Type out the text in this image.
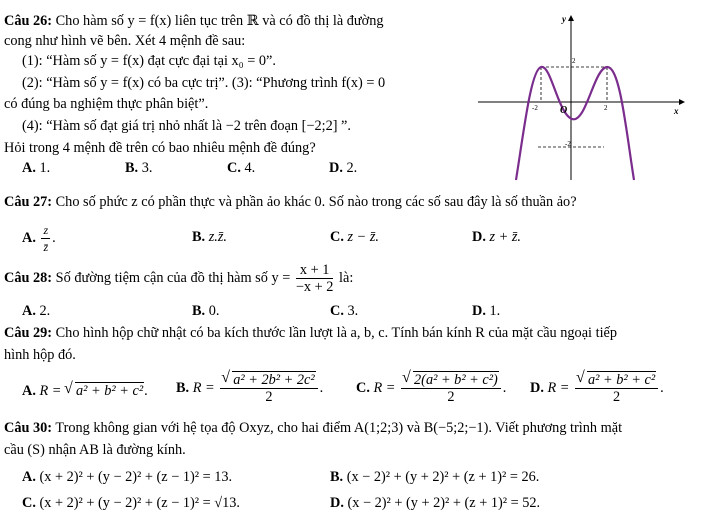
Câu 26: Cho hàm số y = f(x) liên tục trên ℝ và có đồ thị là đường
cong như hình vẽ bên. Xét 4 mệnh đề sau:
(1): “Hàm số y = f(x) đạt cực đại tại x₀ = 0”.
(2): “Hàm số y = f(x) có ba cực trị”. (3): “Phương trình f(x) = 0
có đúng ba nghiệm thực phân biệt”.
(4): “Hàm số đạt giá trị nhỏ nhất là −2 trên đoạn [−2;2] ”.
Hỏi trong 4 mệnh đề trên có bao nhiêu mệnh đề đúng?
A. 1.	B. 3.	C. 4.	D. 2.
y
x
O
-2	2
2
-2
Câu 27: Cho số phức z có phần thực và phần ảo khác 0. Số nào trong các số sau đây là số thuần ảo?
A. $\frac{z}{z̄}$ .	B. z.z̄.	C. z − z̄.	D. z + z̄.
Câu 28: Số đường tiệm cận của đồ thị hàm số $y = \frac{x + 1}{-x + 2}$ là:
A. 2.	B. 0.	C. 3.	D. 1.
Câu 29: Cho hình hộp chữ nhật có ba kích thước lần lượt là a, b, c. Tính bán kính R của mặt cầu ngoại tiếp
hình hộp đó.
A. R = √ a² + b² + c². B. R = √ $\frac{\text{a² + 2b² + 2c²}}{2}$ . C. R = √ $\frac{\text{2(a² + b² + c²)}}{2}$ . D. R = √ $\frac{\text{a² + b² + c²}}{2}$ .
Câu 30: Trong không gian với hệ tọa độ Oxyz, cho hai điểm A(1;2;3) và B(−5;2;−1). Viết phương trình mặt
cầu (S) nhận AB là đường kính.
A. (x + 2)² + (y − 2)² + (z − 1)² = 13.	B. (x − 2)² + (y + 2)² + (z + 1)² = 26.
C. (x + 2)² + (y − 2)² + (z − 1)² = √13.	D. (x − 2)² + (y + 2)² + (z + 1)² = 52.
